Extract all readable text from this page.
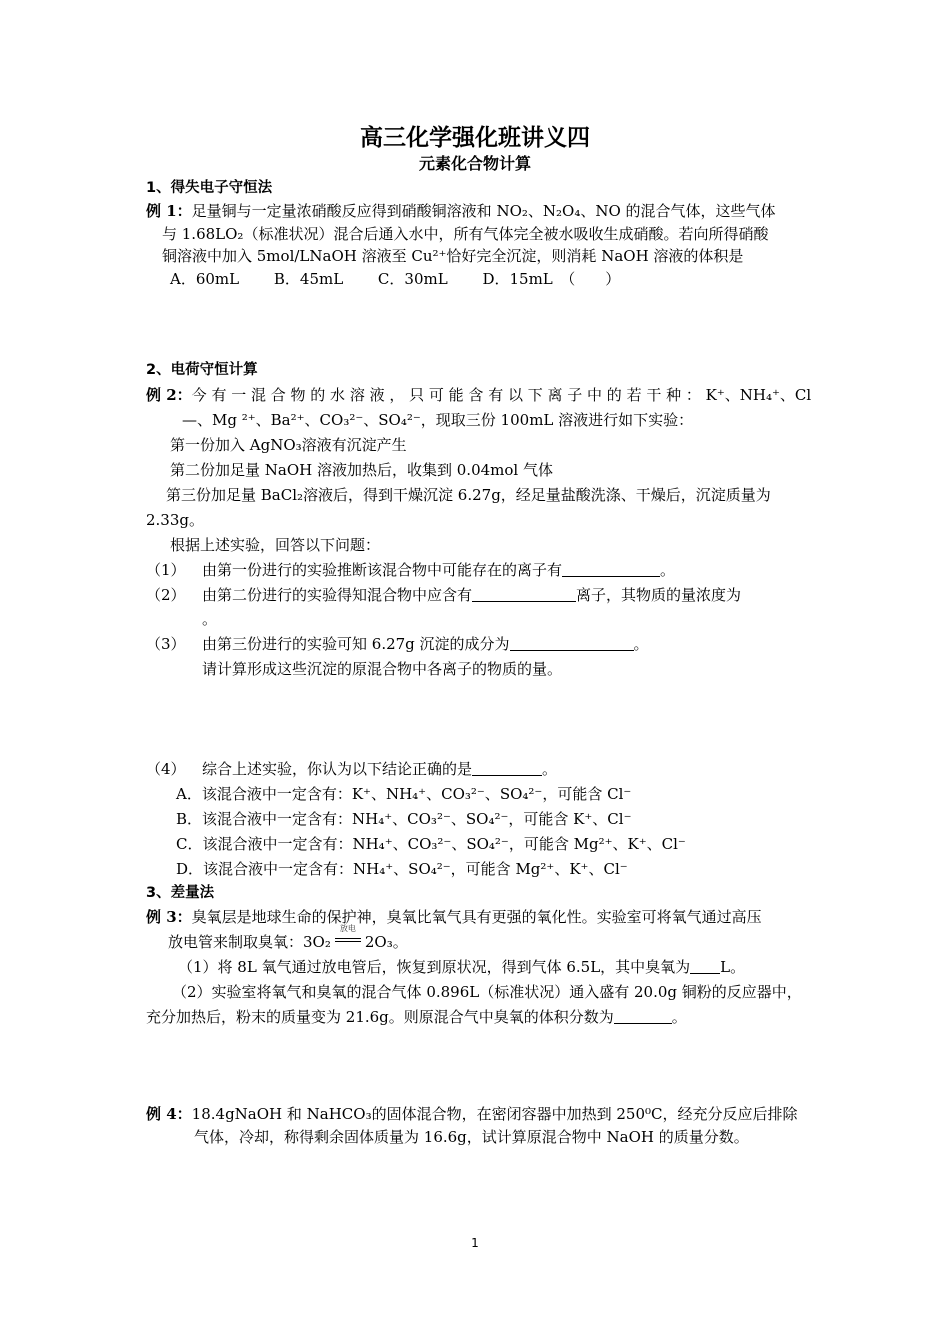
高三化学强化班讲义四
元素化合物计算
1、得失电子守恒法
例 1：足量铜与一定量浓硝酸反应得到硝酸铜溶液和 NO₂、N₂O₄、NO 的混合气体，这些气体
与 1.68LO₂（标准状况）混合后通入水中，所有气体完全被水吸收生成硝酸。若向所得硝酸
铜溶液中加入 5mol/LNaOH 溶液至 Cu²⁺恰好完全沉淀，则消耗 NaOH 溶液的体积是
A．60mL　　 B．45mL　　 C．30mL　　 D．15mL　（　　）
2、电荷守恒计算
例 2：今 有 一 混 合 物 的 水 溶 液 ， 只 可 能 含 有 以 下 离 子 中 的 若 干 种 ： K⁺、NH₄⁺、Cl
—、Mg ²⁺、Ba²⁺、CO₃²⁻、SO₄²⁻，现取三份 100mL 溶液进行如下实验：
第一份加入 AgNO₃溶液有沉淀产生
第二份加足量 NaOH 溶液加热后，收集到 0.04mol 气体
第三份加足量 BaCl₂溶液后，得到干燥沉淀 6.27g，经足量盐酸洗涤、干燥后，沉淀质量为
2.33g。
根据上述实验，回答以下问题：
（1） 由第一份进行的实验推断该混合物中可能存在的离子有	。
（2） 由第二份进行的实验得知混合物中应含有	离子，其物质的量浓度为
。
（3） 由第三份进行的实验可知 6.27g 沉淀的成分为	。
请计算形成这些沉淀的原混合物中各离子的物质的量。
（4） 综合上述实验，你认为以下结论正确的是	。
A．该混合液中一定含有：K⁺、NH₄⁺、CO₃²⁻、SO₄²⁻，可能含 Cl⁻
B．该混合液中一定含有：NH₄⁺、CO₃²⁻、SO₄²⁻，可能含 K⁺、Cl⁻
C．该混合液中一定含有：NH₄⁺、CO₃²⁻、SO₄²⁻，可能含 Mg²⁺、K⁺、Cl⁻
D．该混合液中一定含有：NH₄⁺、SO₄²⁻，可能含 Mg²⁺、K⁺、Cl⁻
3、差量法
例 3：臭氧层是地球生命的保护神，臭氧比氧气具有更强的氧化性。实验室可将氧气通过高压
放电管来制取臭氧：3O₂
放电
2O₃。
（1）将 8L 氧气通过放电管后，恢复到原状况，得到气体 6.5L，其中臭氧为 L。
（2）实验室将氧气和臭氧的混合气体 0.896L（标准状况）通入盛有 20.0g 铜粉的反应器中，
充分加热后，粉末的质量变为 21.6g。则原混合气中臭氧的体积分数为	。
例 4：18.4gNaOH 和 NaHCO₃的固体混合物，在密闭容器中加热到 250⁰C，经充分反应后排除
气体，冷却，称得剩余固体质量为 16.6g，试计算原混合物中 NaOH 的质量分数。
1
